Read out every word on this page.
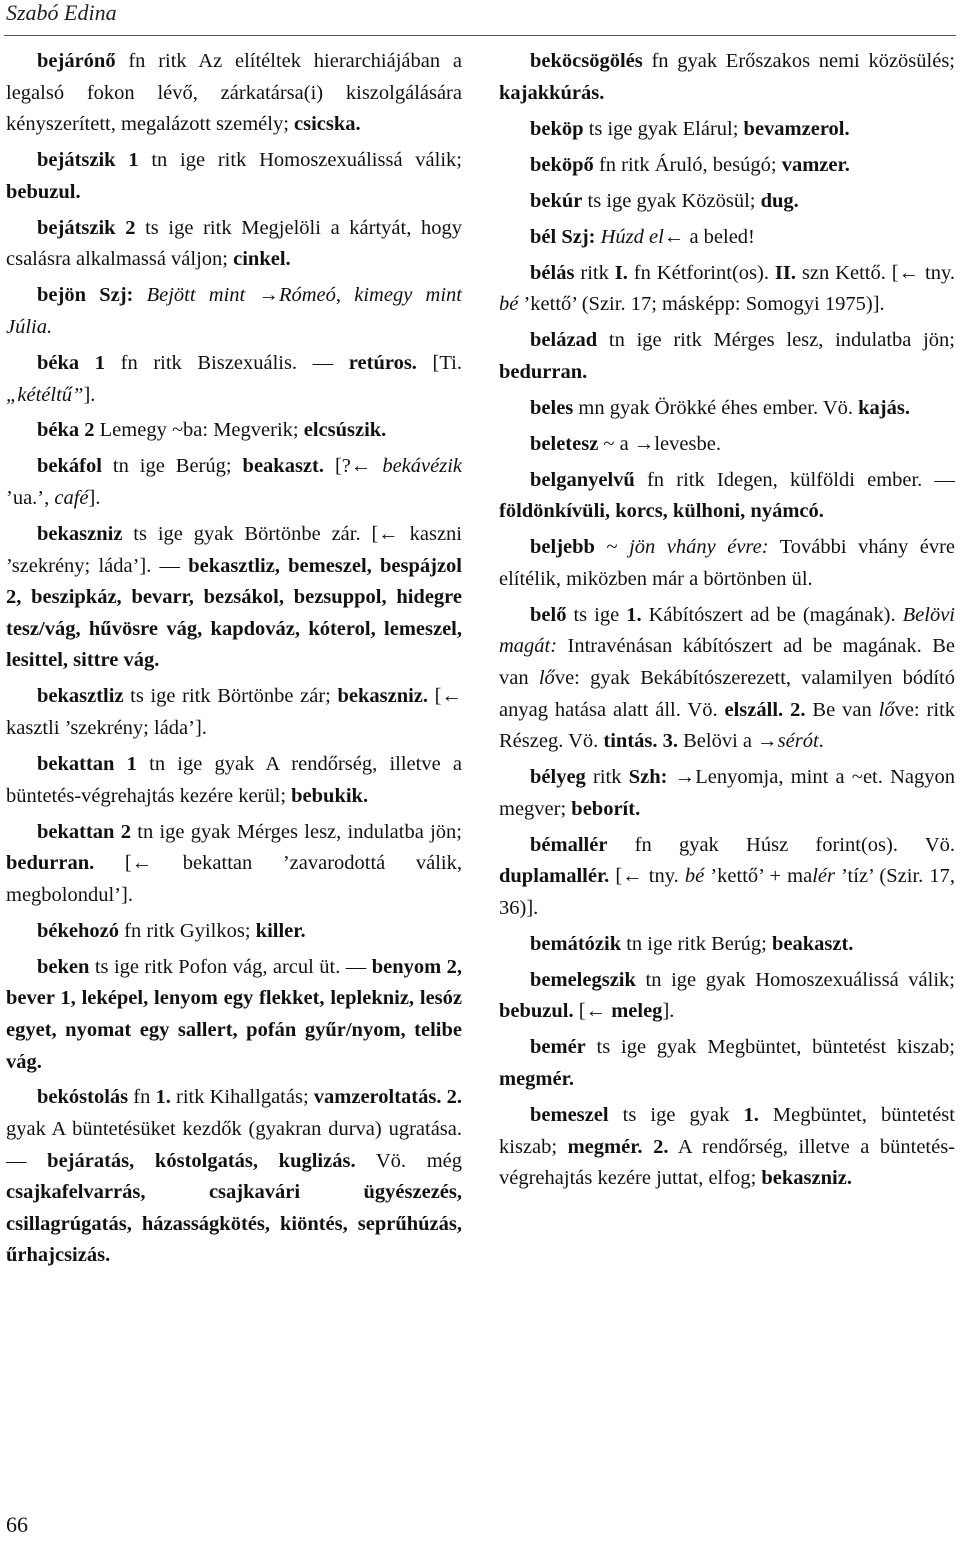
Szabó Edina

bejárónő fn ritk Az elítéltek hierarchiájában a legalsó fokon lévő, zárkatársa(i) kiszolgálására kényszerített, megalázott személy; csicska.

bejátszik 1 tn ige ritk Homoszexuálissá válik; bebuzul.

bejátszik 2 ts ige ritk Megjelöli a kártyát, hogy csalásra alkalmassá váljon; cinkel.

bejön Szj: Bejött mint →Rómeó, kimegy mint Júlia.

béka 1 fn ritk Biszexuális. — retúros. [Ti. „kétéltű”].

béka 2 Lemegy ~ba: Megverik; elcsúszik.

bekáfol tn ige Berúg; beakaszt. [?← bekávézik ’ua.’, café].

bekaszniz ts ige gyak Börtönbe zár. [← kaszni ’szekrény; láda’]. — bekasztliz, bemeszel, bespájzol 2, beszipkáz, bevarr, bezsákol, bezsuppol, hidegre tesz/vág, hűvösre vág, kapdováz, kóterol, lemeszel, lesittel, sittre vág.

bekasztliz ts ige ritk Börtönbe zár; bekaszniz. [← kasztli ’szekrény; láda’].

bekattan 1 tn ige gyak A rendőrség, illetve a büntetés-végrehajtás kezére kerül; bebukik.

bekattan 2 tn ige gyak Mérges lesz, indulatba jön; bedurran. [← bekattan ’zavarodottá válik, megbolondul’].

békehozó fn ritk Gyilkos; killer.

beken ts ige ritk Pofon vág, arcul üt. — benyom 2, bever 1, leképel, lenyom egy flekket, leplekniz, lesóz egyet, nyomat egy sallert, pofán gyűr/nyom, telibe vág.

bekóstolás fn 1. ritk Kihallgatás; vamzeroltatás. 2. gyak A büntetésüket kezdők (gyakran durva) ugratása. — bejáratás, kóstolgatás, kuglizás. Vö. még csajkafelvarrás, csajkavári ügyészezés, csillagrúgatás, házasságkötés, kiöntés, seprűhúzás, űrhajcsizás.

beköcsögölés fn gyak Erőszakos nemi közösülés; kajakkúrás.

beköp ts ige gyak Elárul; bevamzerol.

beköpő fn ritk Áruló, besúgó; vamzer.

bekúr ts ige gyak Közösül; dug.

bél Szj: Húzd el← a beled!

bélás ritk I. fn Kétforint(os). II. szn Kettő. [← tny. bé ’kettő’ (Szir. 17; másképp: Somogyi 1975)].

belázad tn ige ritk Mérges lesz, indulatba jön; bedurran.

beles mn gyak Örökké éhes ember. Vö. kajás.

beletesz ~ a →levesbe.

belganyelvű fn ritk Idegen, külföldi ember. — földönkívüli, korcs, külhoni, nyámcó.

beljebb ~ jön vhány évre: További vhány évre elítélik, miközben már a börtönben ül.

belő ts ige 1. Kábítószert ad be (magának). Belövi magát: Intravénásan kábítószert ad be magának. Be van lőve: gyak Bekábítószerezett, valamilyen bódító anyag hatása alatt áll. Vö. elszáll. 2. Be van lőve: ritk Részeg. Vö. tintás. 3. Belövi a →sérót.

bélyeg ritk Szh: →Lenyomja, mint a ~et. Nagyon megver; beborít.

bémallér fn gyak Húsz forint(os). Vö. duplamallér. [← tny. bé ’kettő’ + malér ’tíz’ (Szir. 17, 36)].

bemátózik tn ige ritk Berúg; beakaszt.

bemelegszik tn ige gyak Homoszexuálissá válik; bebuzul. [← meleg].

bemér ts ige gyak Megbüntet, büntetést kiszab; megmér.

bemeszel ts ige gyak 1. Megbüntet, büntetést kiszab; megmér. 2. A rendőrség, illetve a büntetés-végrehajtás kezére juttat, elfog; bekaszniz.

66
